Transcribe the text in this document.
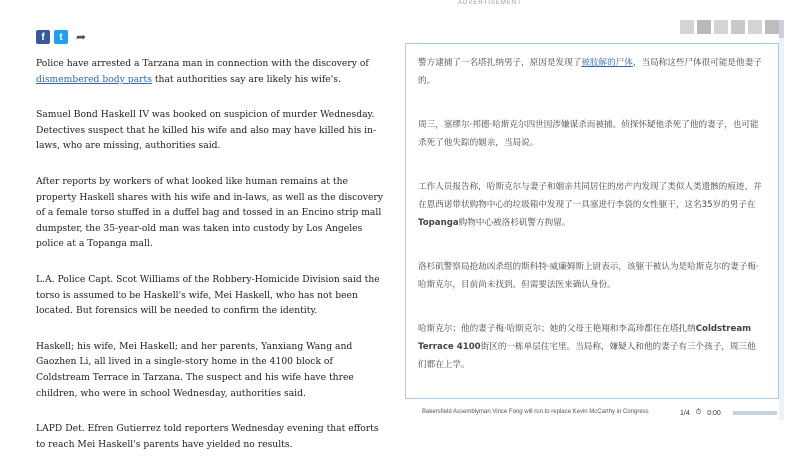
f	t	➦
ADVERTISEMENT

Police have arrested a Tarzana man in connection with the discovery of dismembered body parts that authorities say are likely his wife's.

Samuel Bond Haskell IV was booked on suspicion of murder Wednesday. Detectives suspect that he killed his wife and also may have killed his in-laws, who are missing, authorities said.

After reports by workers of what looked like human remains at the property Haskell shares with his wife and in-laws, as well as the discovery of a female torso stuffed in a duffel bag and tossed in an Encino strip mall dumpster, the 35-year-old man was taken into custody by Los Angeles police at a Topanga mall.

L.A. Police Capt. Scot Williams of the Robbery-Homicide Division said the torso is assumed to be Haskell's wife, Mei Haskell, who has not been located. But forensics will be needed to confirm the identity.

Haskell; his wife, Mei Haskell; and her parents, Yanxiang Wang and Gaozhen Li, all lived in a single-story home in the 4100 block of Coldstream Terrace in Tarzana. The suspect and his wife have three children, who were in school Wednesday, authorities said.

LAPD Det. Efren Gutierrez told reporters Wednesday evening that efforts to reach Mei Haskell's parents have yielded no results.

警方逮捕了一名塔扎纳男子，原因是发现了被肢解的尸体，当局称这些尸体很可能是他妻子的。

周三，塞缪尔·邦德·哈斯克尔四世因涉嫌谋杀而被捕。侦探怀疑他杀死了他的妻子，也可能杀死了他失踪的姻亲，当局说。

工作人员报告称，哈斯克尔与妻子和姻亲共同居住的房产内发现了类似人类遗骸的痕迹，并在恩西诺带状购物中心的垃圾箱中发现了一具塞进行李袋的女性躯干，这名35岁的男子在Topanga购物中心被洛杉矶警方拘留。

洛杉矶警察局抢劫凶杀组的斯科特·威廉姆斯上尉表示，该躯干被认为是哈斯克尔的妻子梅·哈斯克尔，目前尚未找到。但需要法医来确认身份。

哈斯克尔；他的妻子梅·哈斯克尔；她的父母王艳翔和李高珍都住在塔扎纳Coldstream Terrace 4100街区的一栋单层住宅里。当局称，嫌疑人和他的妻子有三个孩子，周三他们都在上学。

Bakersfield Assemblyman Vince Fong will run to replace Kevin McCarthy in Congress	1/4 ⏱ 0:00
